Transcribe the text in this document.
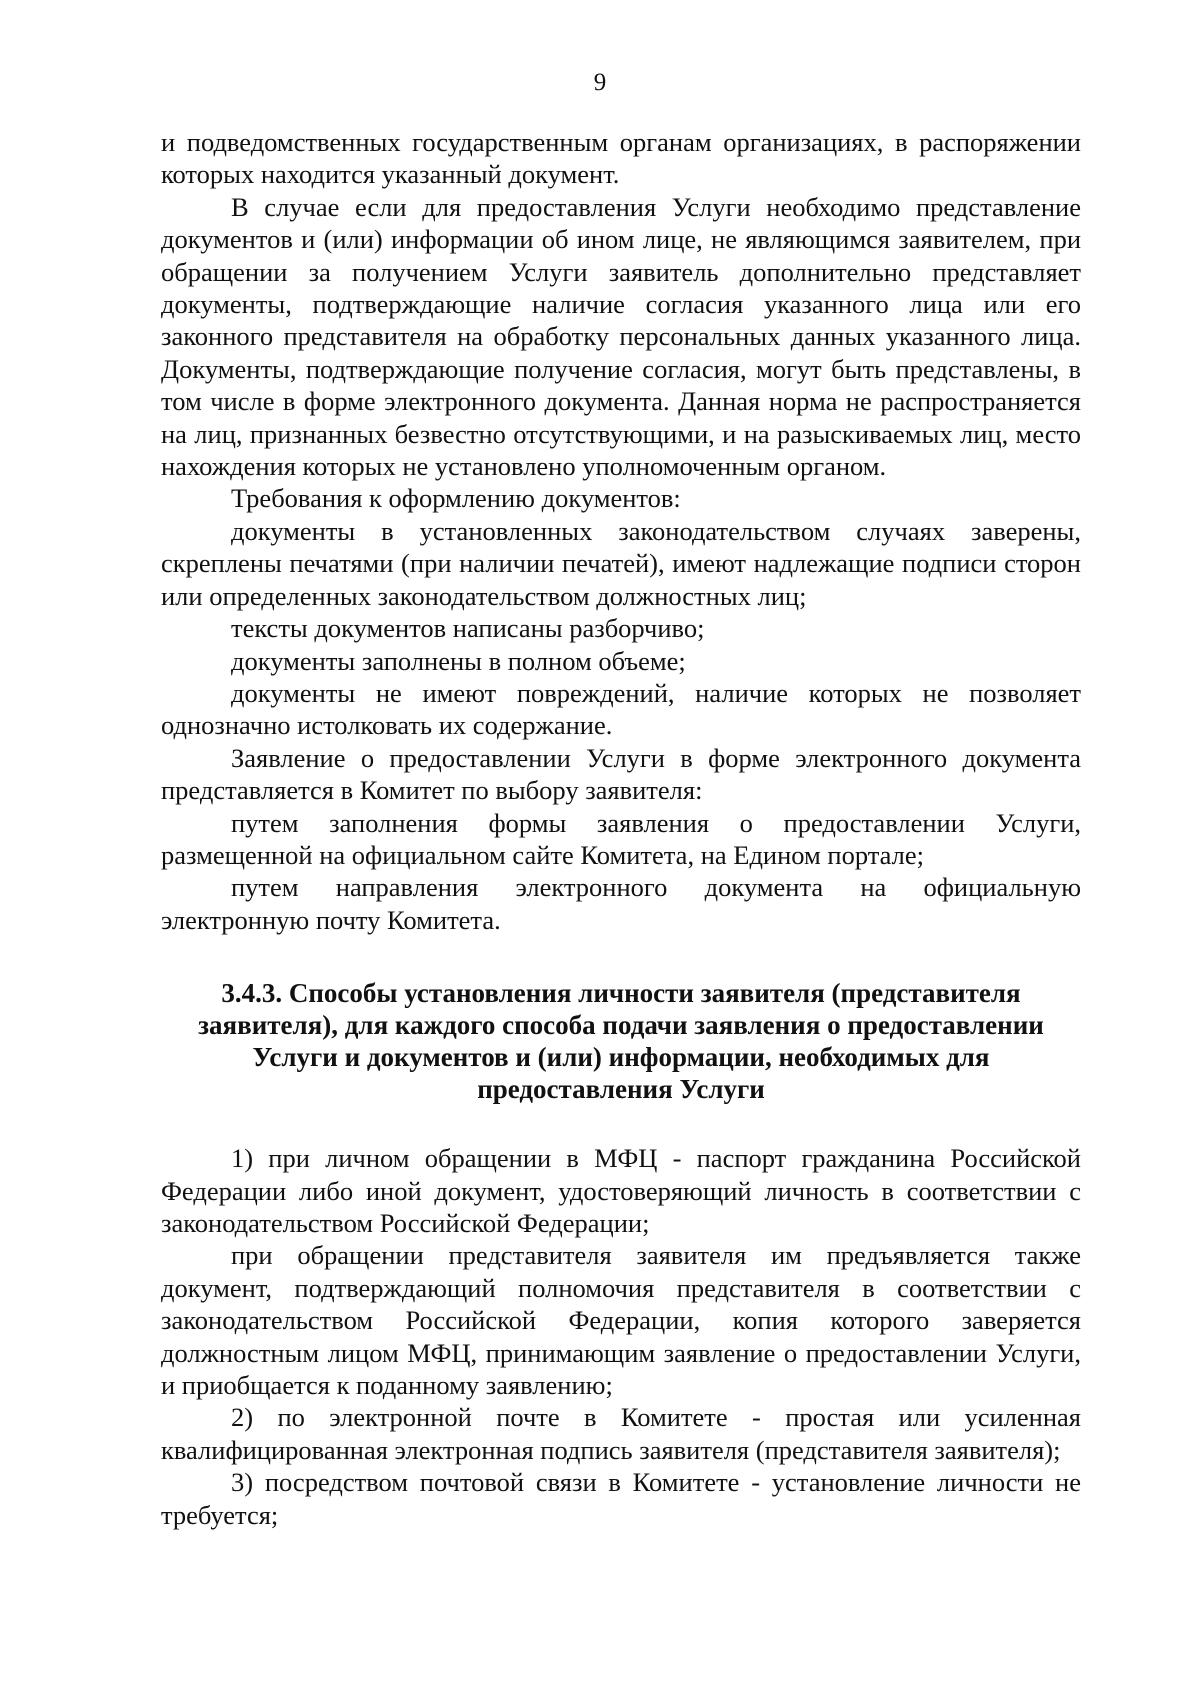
9

и подведомственных государственным органам организациях, в распоряжении которых находится указанный документ.

В случае если для предоставления Услуги необходимо представление документов и (или) информации об ином лице, не являющимся заявителем, при обращении за получением Услуги заявитель дополнительно представляет документы, подтверждающие наличие согласия указанного лица или его законного представителя на обработку персональных данных указанного лица. Документы, подтверждающие получение согласия, могут быть представлены, в том числе в форме электронного документа. Данная норма не распространяется на лиц, признанных безвестно отсутствующими, и на разыскиваемых лиц, место нахождения которых не установлено уполномоченным органом.

Требования к оформлению документов:

документы в установленных законодательством случаях заверены, скреплены печатями (при наличии печатей), имеют надлежащие подписи сторон или определенных законодательством должностных лиц;

тексты документов написаны разборчиво;

документы заполнены в полном объеме;

документы не имеют повреждений, наличие которых не позволяет однозначно истолковать их содержание.

Заявление о предоставлении Услуги в форме электронного документа представляется в Комитет по выбору заявителя:

путем заполнения формы заявления о предоставлении Услуги, размещенной на официальном сайте Комитета, на Едином портале;

путем направления электронного документа на официальную электронную почту Комитета.

3.4.3. Способы установления личности заявителя (представителя
заявителя), для каждого способа подачи заявления о предоставлении
Услуги и документов и (или) информации, необходимых для
предоставления Услуги

1) при личном обращении в МФЦ - паспорт гражданина Российской Федерации либо иной документ, удостоверяющий личность в соответствии с законодательством Российской Федерации;

при обращении представителя заявителя им предъявляется также документ, подтверждающий полномочия представителя в соответствии с законодательством Российской Федерации, копия которого заверяется должностным лицом МФЦ, принимающим заявление о предоставлении Услуги, и приобщается к поданному заявлению;

2) по электронной почте в Комитете - простая или усиленная квалифицированная электронная подпись заявителя (представителя заявителя);

3) посредством почтовой связи в Комитете - установление личности не требуется;
